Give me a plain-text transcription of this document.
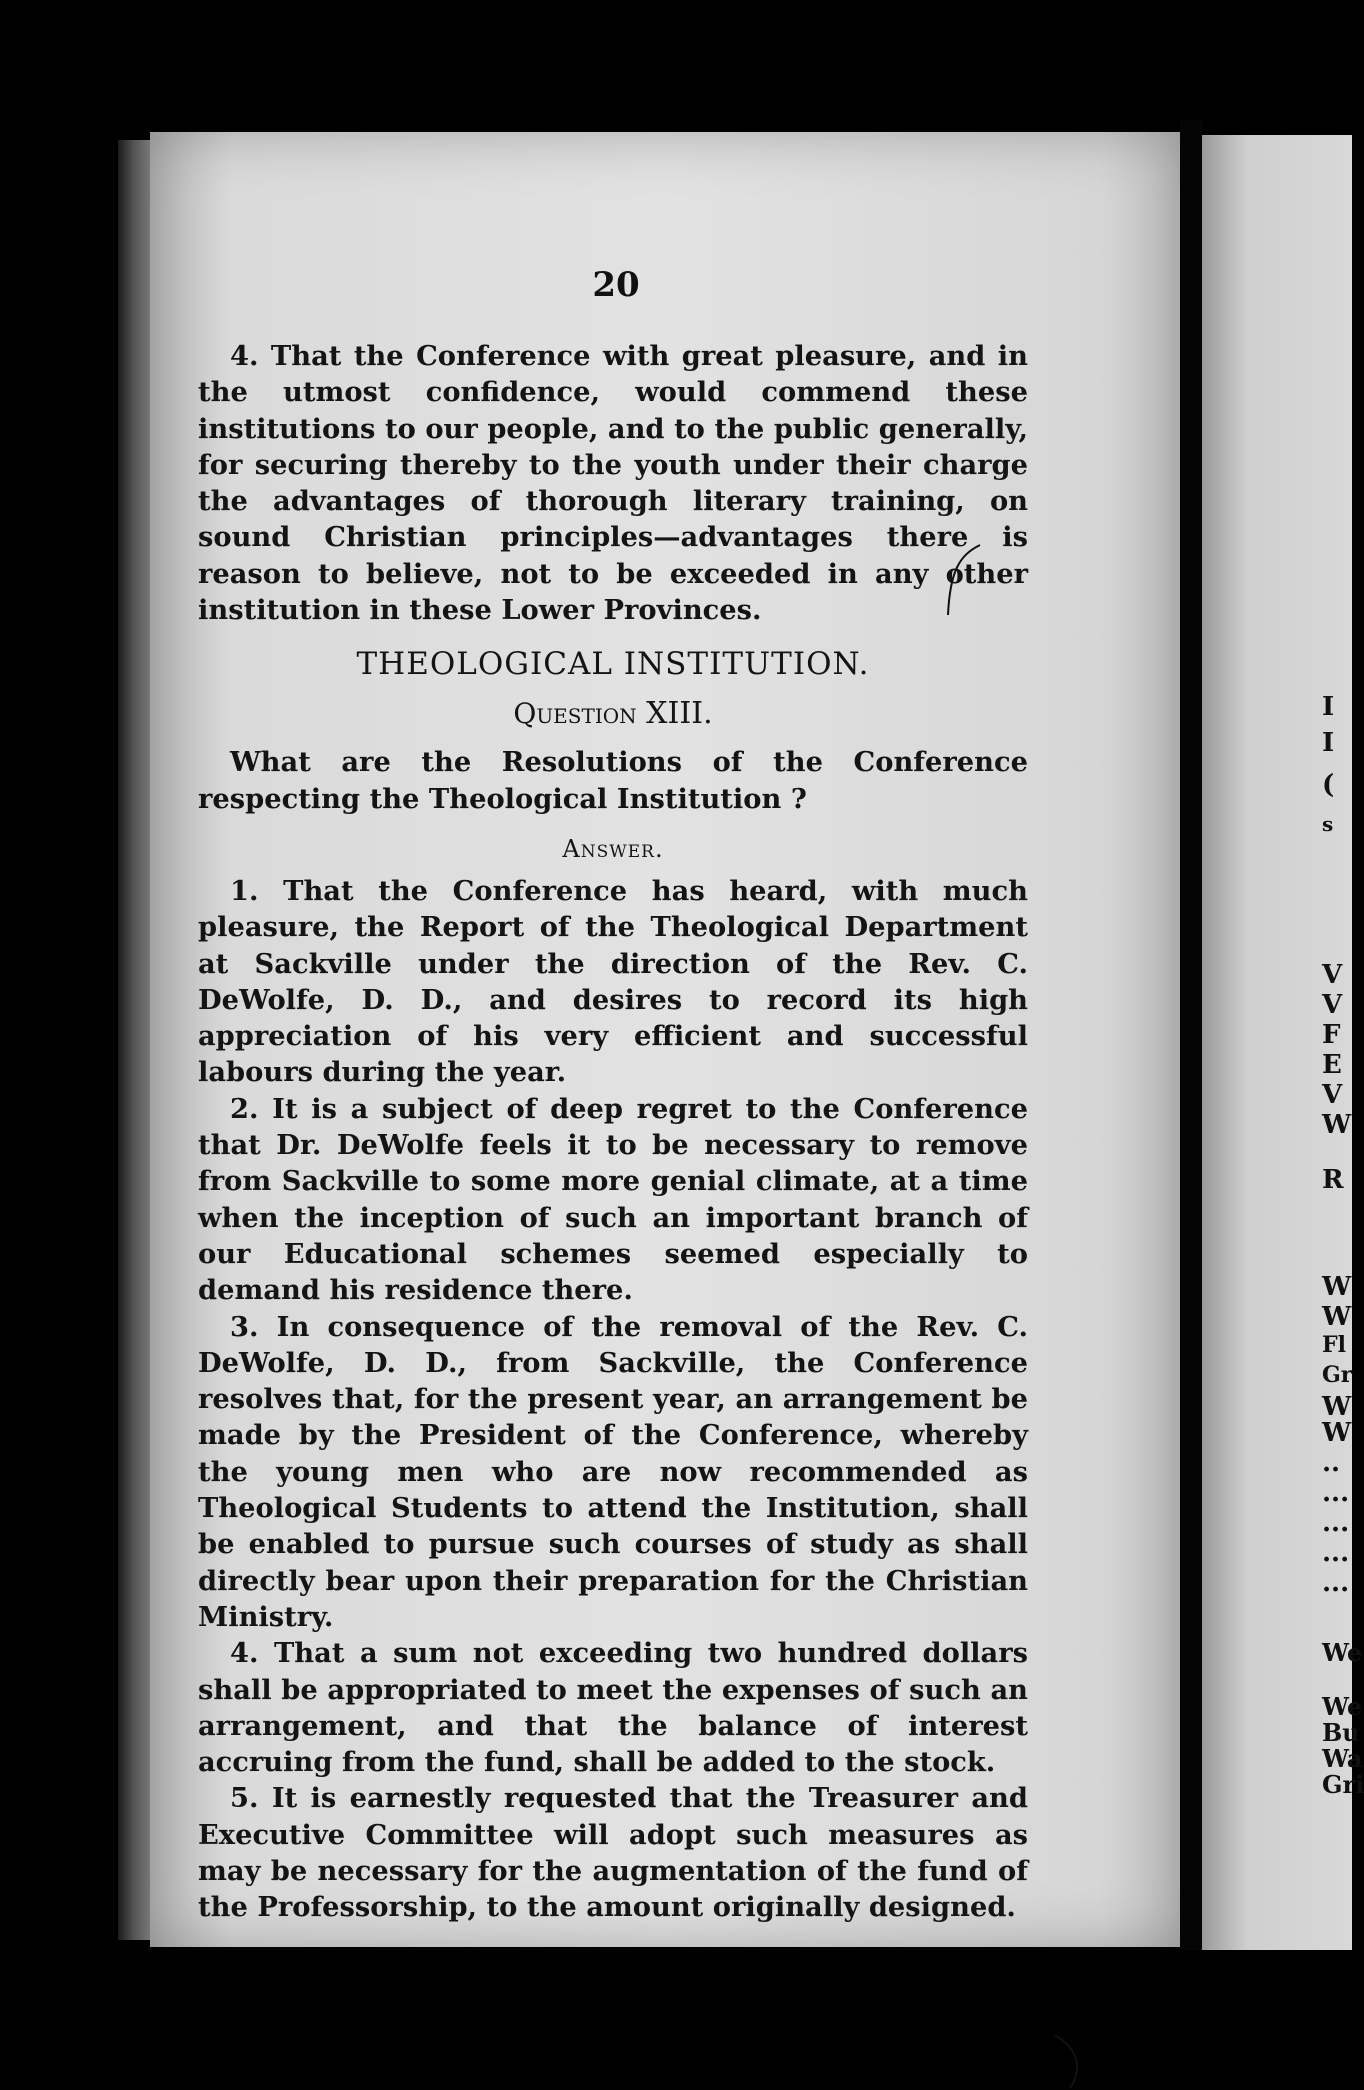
I
I
(
s
V
V
F
E
V
W
R
W
W
Fl
Gr
W
W
..
...
...
...
...
We
We
Bu
Wa
Gri

20

4. That the Conference with great pleasure, and in the utmost confidence, would commend these institutions to our people, and to the public generally, for securing thereby to the youth under their charge the advantages of thorough literary training, on sound Christian principles—advantages there is reason to believe, not to be exceeded in any other institution in these Lower Provinces.

THEOLOGICAL INSTITUTION.
Question XIII.

What are the Resolutions of the Conference respecting the Theological Institution ?

Answer.

1. That the Conference has heard, with much pleasure, the Report of the Theological Department at Sackville under the direction of the Rev. C. DeWolfe, D. D., and desires to record its high appreciation of his very efficient and successful labours during the year.

2. It is a subject of deep regret to the Conference that Dr. DeWolfe feels it to be necessary to remove from Sackville to some more genial climate, at a time when the inception of such an important branch of our Educational schemes seemed especially to demand his residence there.

3. In consequence of the removal of the Rev. C. DeWolfe, D. D., from Sackville, the Conference resolves that, for the present year, an arrangement be made by the President of the Conference, whereby the young men who are now recommended as Theological Students to attend the Institution, shall be enabled to pursue such courses of study as shall directly bear upon their preparation for the Christian Ministry.

4. That a sum not exceeding two hundred dollars shall be appropriated to meet the expenses of such an arrangement, and that the balance of interest accruing from the fund, shall be added to the stock.

5. It is earnestly requested that the Treasurer and Executive Committee will adopt such measures as may be necessary for the augmentation of the fund of the Professorship, to the amount originally designed.
